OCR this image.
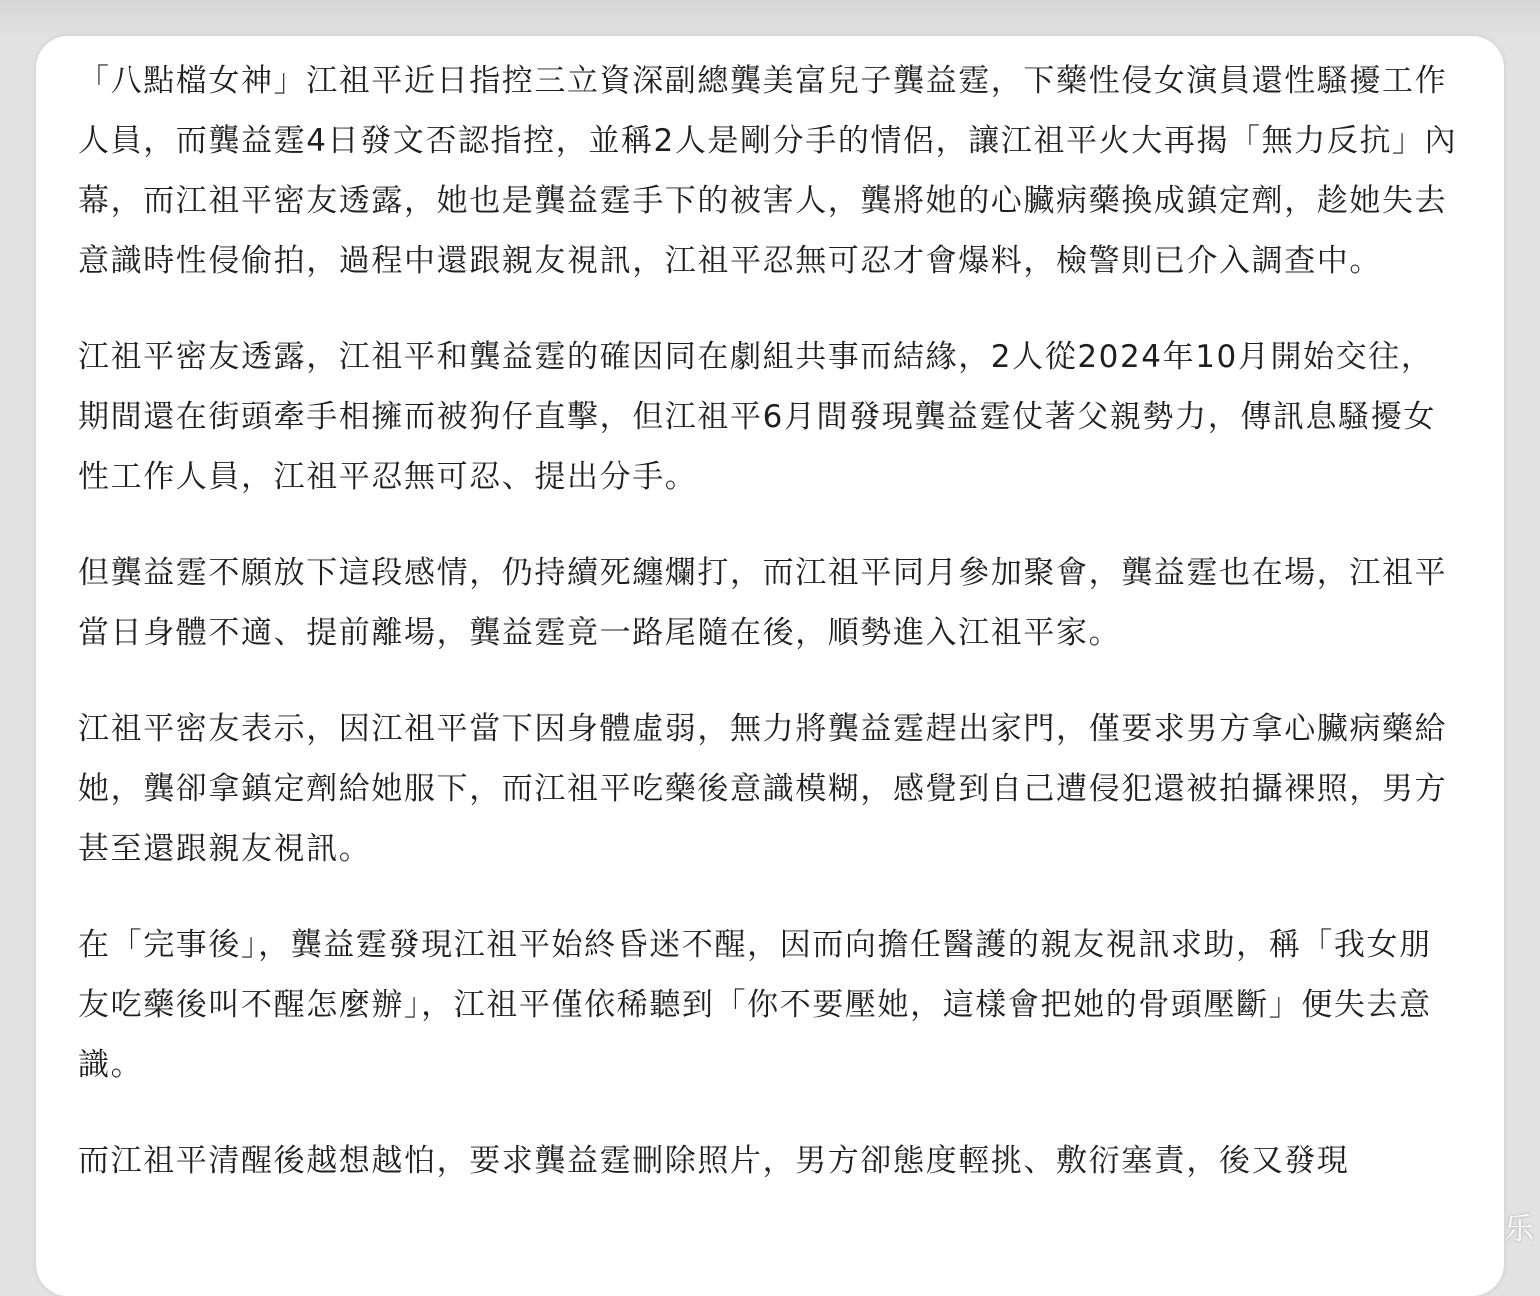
「八點檔女神」江祖平近日指控三立資深副總龔美富兒子龔益霆，下藥性侵女演員還性騷擾工作人員，而龔益霆4日發文否認指控，並稱2人是剛分手的情侶，讓江祖平火大再揭「無力反抗」內幕，而江祖平密友透露，她也是龔益霆手下的被害人，龔將她的心臟病藥換成鎮定劑，趁她失去意識時性侵偷拍，過程中還跟親友視訊，江祖平忍無可忍才會爆料，檢警則已介入調查中。

江祖平密友透露，江祖平和龔益霆的確因同在劇組共事而結緣，2人從2024年10月開始交往，期間還在街頭牽手相擁而被狗仔直擊，但江祖平6月間發現龔益霆仗著父親勢力，傳訊息騷擾女性工作人員，江祖平忍無可忍、提出分手。

但龔益霆不願放下這段感情，仍持續死纏爛打，而江祖平同月參加聚會，龔益霆也在場，江祖平當日身體不適、提前離場，龔益霆竟一路尾隨在後，順勢進入江祖平家。

江祖平密友表示，因江祖平當下因身體虛弱，無力將龔益霆趕出家門，僅要求男方拿心臟病藥給她，龔卻拿鎮定劑給她服下，而江祖平吃藥後意識模糊，感覺到自己遭侵犯還被拍攝裸照，男方甚至還跟親友視訊。

在「完事後」，龔益霆發現江祖平始終昏迷不醒，因而向擔任醫護的親友視訊求助，稱「我女朋友吃藥後叫不醒怎麼辦」，江祖平僅依稀聽到「你不要壓她，這樣會把她的骨頭壓斷」便失去意識。

而江祖平清醒後越想越怕，要求龔益霆刪除照片，男方卻態度輕挑、敷衍塞責，後又發現

乐
